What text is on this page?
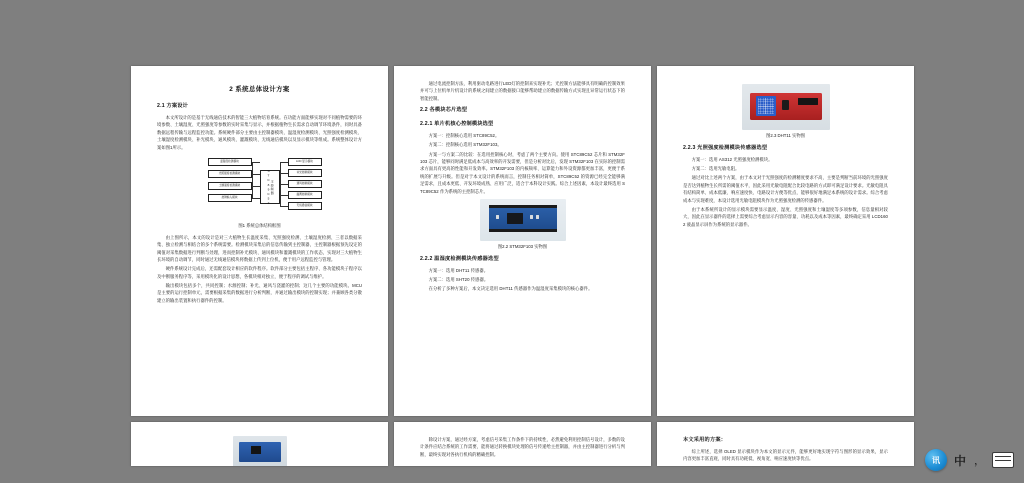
2 系统总体设计方案
2.1 方案设计

本文所设计的是基于无线通信技术的智能三大植物培育系统。在功能方面能够实现对不同植物需要的环境参数、土壤湿度、光照强度等参数的实时采集与显示，并根据植物生长需求自动调节环境条件，同时具备数据远程传输与远程监控功能。系统硬件部分主要由主控制器模块、温湿度检测模块、光照强度检测模块、土壤湿度检测模块、补光模块、通风模块、灌溉模块、无线通信模块以及显示模块等组成。系统整体设计方案如图1所示。

温湿度检测模块
光照强度检测模块
土壤湿度检测模块
按键输入模块
主控制器 STC89C52
LCD 显示模块
补光控制模块
通风控制模块
灌溉控制模块
无线通信模块
图1 系统总体结构框图

由上图所示，本文的设计是对三大植物生长温度采集、光照强度检测、土壤湿度检测、三者以数据采集、独立检测与相结合的多个系统需要。检测模块采集后的信息传输到主控制器，主控制器根据预先设定的阈值对采集数据进行判断与处理，进而控制补光模块、通风模块和灌溉模块的工作状态，实现对三大植物生长环境的自动调节，同时通过无线通信模块将数据上传到上位机，便于用户远程监控与管理。

硬件系统设计完成后，还需配套设计相应的软件程序。软件部分主要包括主程序、各功能模块子程序以及中断服务程序等，采用模块化的设计思想，各模块相对独立，便于程序的调试与维护。

输出模块包括多个，共同控制；水源控制；补光、通风与浇灌的控制；这几个主要的功能模块。MCU是主要的运行控制单元，需要根据采集的数据进行分析判断，并通过输出模块的控制实现；并兼顾各类分散建立的输出装置和执行器件的控制。

通过电流控制方法，利用驱动电路进行LED灯的控制来实现补光；光控制方法能够具有明确的控制效果并可与上位机单片机设计的系统之间建立的数据接口能够帮助建立的数据传输方式实现且异常运行状态下的智能控制。

2.2 各模块芯片选型
2.2.1 单片机核心控制模块选型

方案一：控制核心选用 STC89C52。

方案二：控制核心选用 STM32F103。

方案一与方案二的比较：在选用控制核心时，考虑了两个主要方向。使用 STC89C52 芯片和 STM32F103 芯片，能够同时满足低成本与高效率的开发需要，但是分析对比后，发现 STM32F103 在实际的控制需求方面具有更高的性能和开发效率。STM32F103 的内核频率、运算能力和外设资源都更加丰富，更便于系统的扩展与升级。但是对于本文设计的系统而言，控制任务相对简单，STC89C52 的资源已经完全能够满足需求，且成本更低、开发环境成熟、应用广泛，适合于本科设计实践。综合上述因素，本设计最终选用 STC89C52 作为系统的主控制芯片。

图2.2 STM32F103 实物图
2.2.2 温湿度检测模块传感器选型

方案一：选用 DHT11 传感器。

方案二：选用 SHT20 传感器。

在分析了多种方案后，本文决定选用 DHT11 传感器作为温湿度采集模块的核心器件。

图2.3 DHT11 实物图
2.2.3 光照强度检测模块传感器选型

方案一：选用 AS312 光照强度检测模块。

方案二：选用光敏电阻。

通过对比上述两个方案，由于本文对于光照强度的检测精度要求不高，主要是判断当前环境的光照强度是否达到植物生长所需的阈值水平，因此采用光敏电阻配合比较电路的方式即可满足设计要求。光敏电阻具有结构简单、成本低廉、响应速度快、电路设计方便等优点，能够很好地满足本系统的设计需求。综合考虑成本与实现难度，本设计选用光敏电阻模块作为光照强度检测的传感器件。

由于本系统所设计的显示模块需要显示温度、湿度、光照强度和土壤湿度等多项参数，信息量相对较大，因此在显示器件的选择上需要综合考虑显示内容的容量、功耗以及成本等因素，最终确定采用 LCD1602 液晶显示屏作为系统的显示器件。

除设计方案，通过经方案，考虑信号采集工作条件下的持续性，必然避免利用控制信号设计，多数的设计条件应结合系统的工作需要，能将通过转换模块处理的信号传递给主控制器，并由主控制器进行分析与判断，最终实现对各执行机构的精确控制。

本文采用的方案：

综上所述，选择 OLED 显示模块作为本文的显示元件，能够更好地实现字符与图形的显示效果，显示内容更加丰富直观，同时具有功耗低、视角宽、响应速度快等优点。	讯	中 ，
